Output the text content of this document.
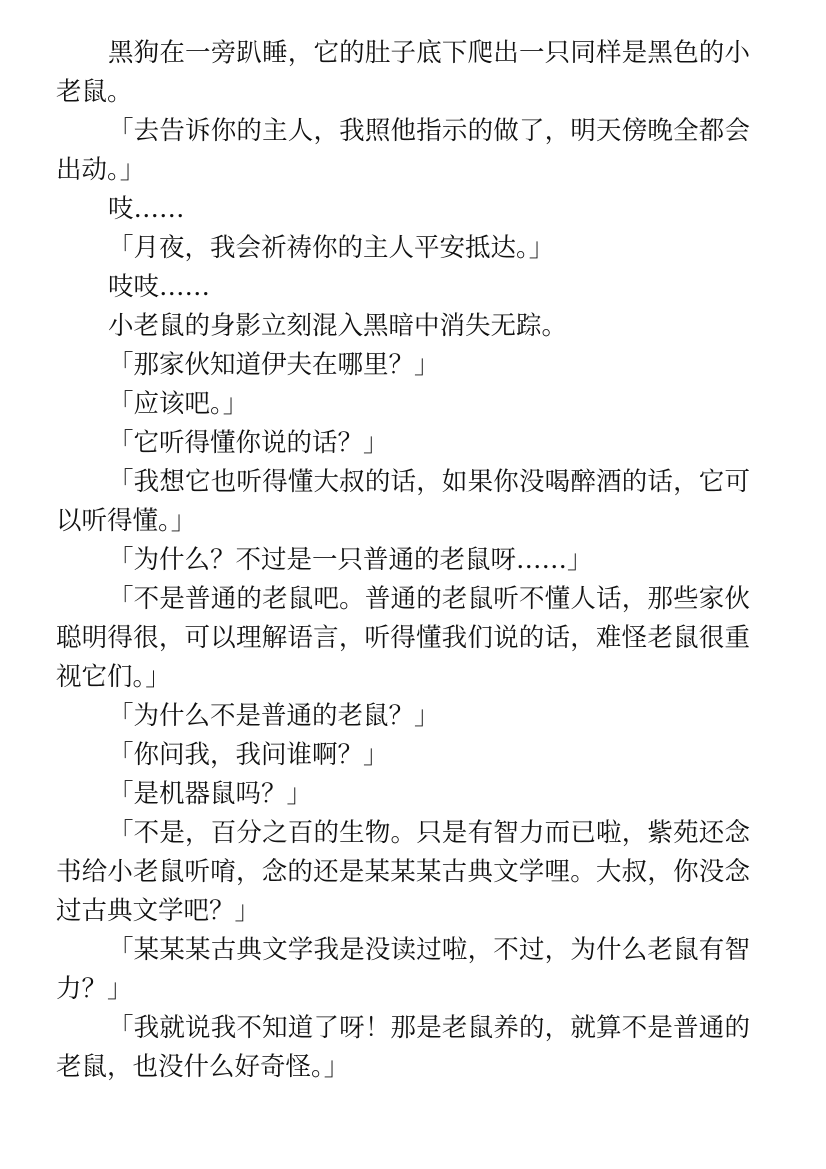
黑狗在一旁趴睡，它的肚子底下爬出一只同样是黑色的小老鼠。

「去告诉你的主人，我照他指示的做了，明天傍晚全都会出动。」

吱……

「月夜，我会祈祷你的主人平安抵达。」

吱吱……

小老鼠的身影立刻混入黑暗中消失无踪。

「那家伙知道伊夫在哪里？」

「应该吧。」

「它听得懂你说的话？」

「我想它也听得懂大叔的话，如果你没喝醉酒的话，它可以听得懂。」

「为什么？不过是一只普通的老鼠呀……」

「不是普通的老鼠吧。普通的老鼠听不懂人话，那些家伙聪明得很，可以理解语言，听得懂我们说的话，难怪老鼠很重视它们。」

「为什么不是普通的老鼠？」

「你问我，我问谁啊？」

「是机器鼠吗？」

「不是，百分之百的生物。只是有智力而已啦，紫苑还念书给小老鼠听唷，念的还是某某某古典文学哩。大叔，你没念过古典文学吧？」

「某某某古典文学我是没读过啦，不过，为什么老鼠有智力？」

「我就说我不知道了呀！那是老鼠养的，就算不是普通的老鼠，也没什么好奇怪。」
